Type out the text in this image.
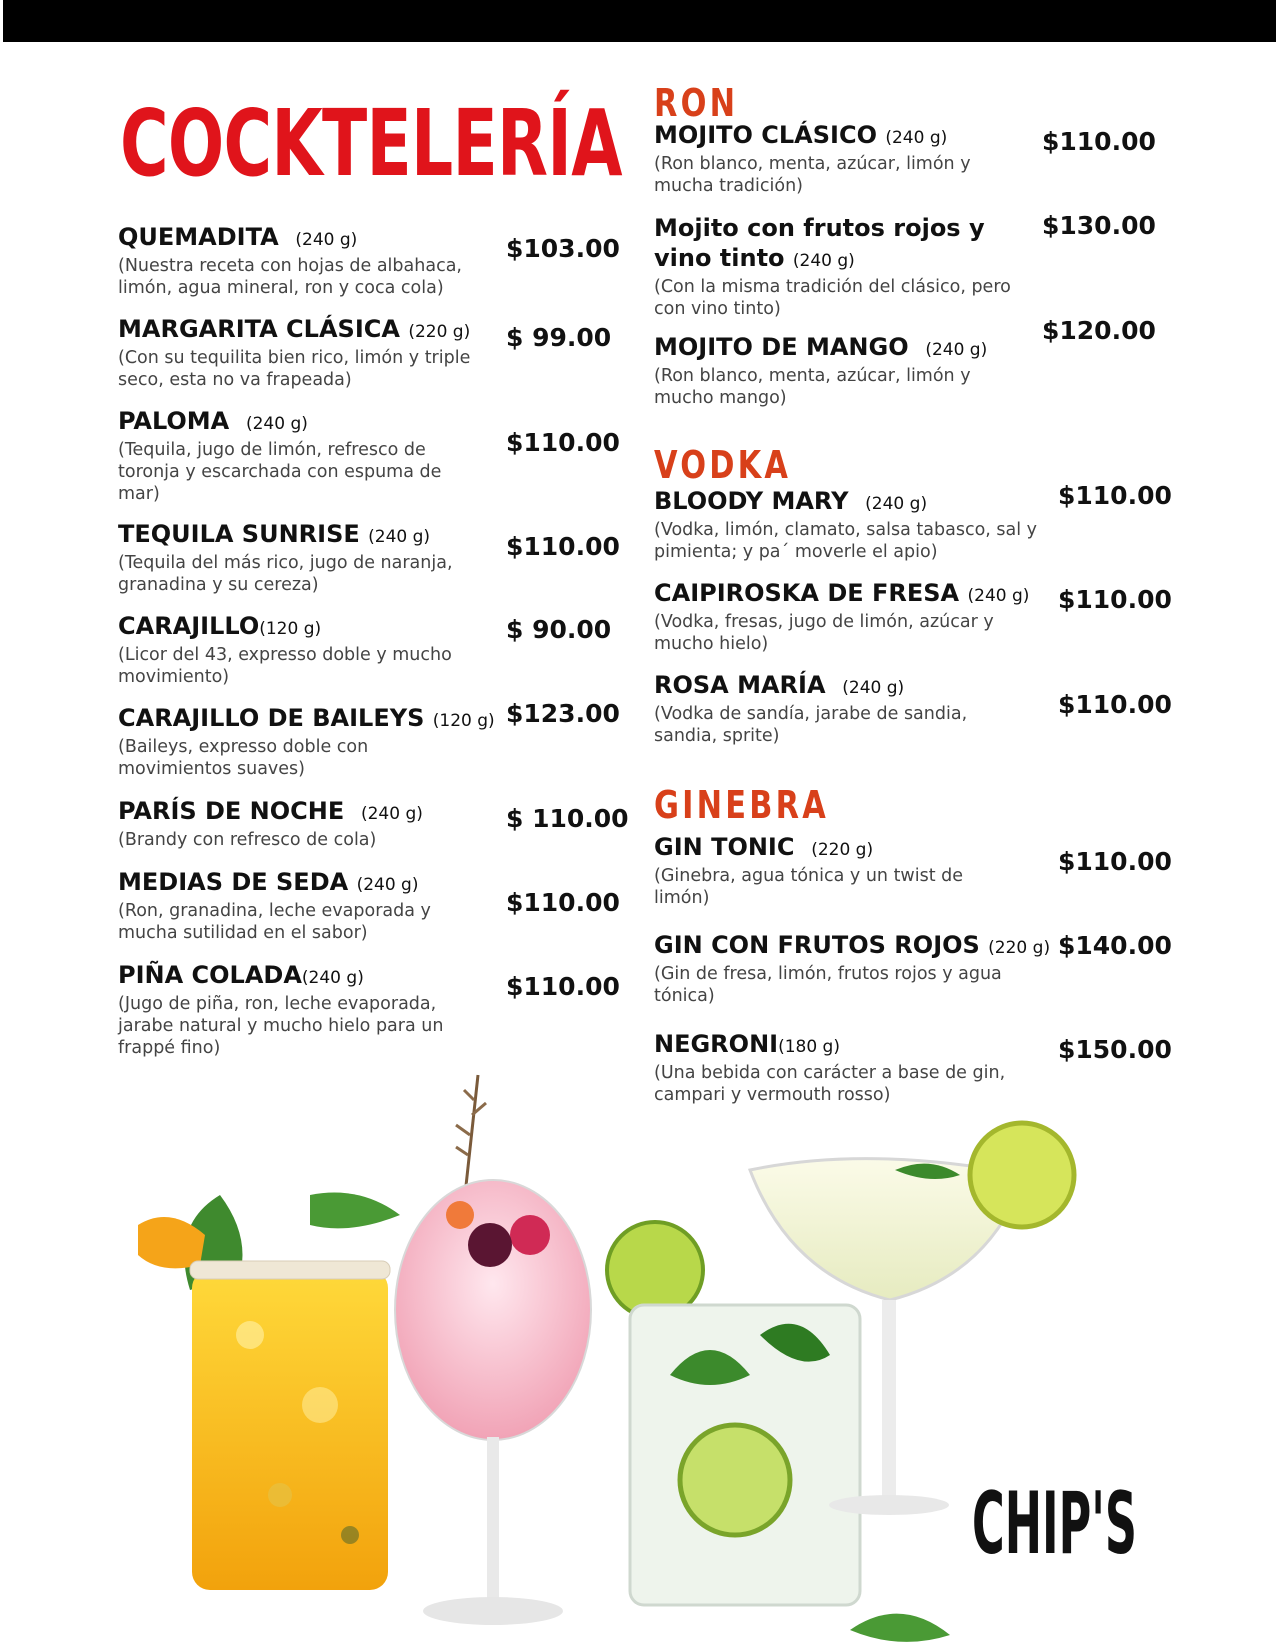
COCKTELERÍA
QUEMADITA (240 g)
(Nuestra receta con hojas de albahaca, limón, agua mineral, ron y coca cola)
$103.00
MARGARITA CLÁSICA (220 g)
(Con su tequilita bien rico, limón y triple seco, esta no va frapeada)
$ 99.00
PALOMA (240 g)
(Tequila, jugo de limón, refresco de toronja y escarchada con espuma de mar)
$110.00
TEQUILA SUNRISE (240 g)
(Tequila del más rico, jugo de naranja, granadina y su cereza)
$110.00
CARAJILLO(120 g)
(Licor del 43, expresso doble y mucho movimiento)
$ 90.00
CARAJILLO DE BAILEYS (120 g)
(Baileys, expresso doble con movimientos suaves)
$123.00
PARÍS DE NOCHE (240 g)
(Brandy con refresco de cola)
$ 110.00
MEDIAS DE SEDA (240 g)
(Ron, granadina, leche evaporada y mucha sutilidad en el sabor)
$110.00
PIÑA COLADA(240 g)
(Jugo de piña, ron, leche evaporada, jarabe natural y mucho hielo para un frappé fino)
$110.00
RON
MOJITO CLÁSICO (240 g)
(Ron blanco, menta, azúcar, limón y mucha tradición)
$110.00
Mojito con frutos rojos y
vino tinto (240 g)
(Con la misma tradición del clásico, pero con vino tinto)
$130.00
MOJITO DE MANGO (240 g)
(Ron blanco, menta, azúcar, limón y mucho mango)
$120.00
VODKA
BLOODY MARY (240 g)
(Vodka, limón, clamato, salsa tabasco, sal y pimienta; y pa´ moverle el apio)
$110.00
CAIPIROSKA DE FRESA (240 g)
(Vodka, fresas, jugo de limón, azúcar y mucho hielo)
$110.00
ROSA MARÍA (240 g)
(Vodka de sandía, jarabe de sandia, sandia, sprite)
$110.00
GINEBRA
GIN TONIC (220 g)
(Ginebra, agua tónica y un twist de limón)
$110.00
GIN CON FRUTOS ROJOS (220 g)
(Gin de fresa, limón, frutos rojos y agua tónica)
$140.00
NEGRONI(180 g)
(Una bebida con carácter a base de gin, campari y vermouth rosso)
$150.00
CHIP'S
